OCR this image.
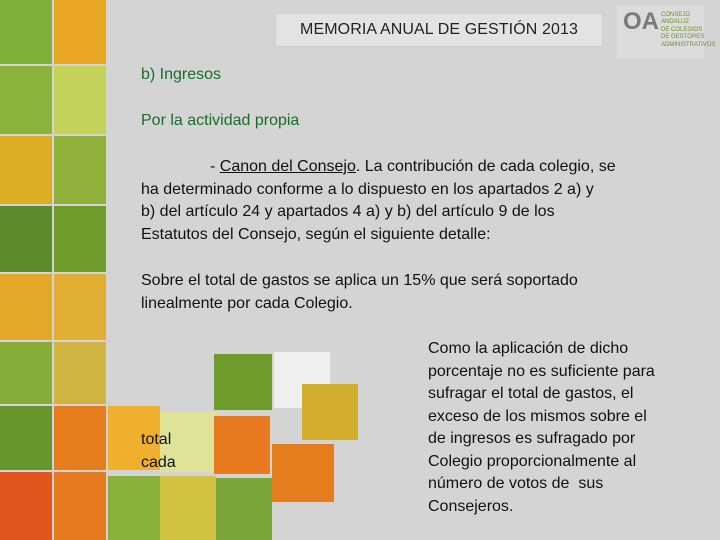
MEMORIA ANUAL DE GESTIÓN 2013	OA CONSEJO
ANDALUZ
DE COLEGIOS
DE GESTORES
ADMINISTRATIVOS
b) Ingresos
Por la actividad propia
- Canon del Consejo. La contribución de cada colegio, se
ha determinado conforme a lo dispuesto en los apartados 2 a) y
b) del artículo 24 y apartados 4 a) y b) del artículo 9 de los
Estatutos del Consejo, según el siguiente detalle:
Sobre el total de gastos se aplica un 15% que será soportado
linealmente por cada Colegio.
total
cada
Como la aplicación de dicho
porcentaje no es suficiente para
sufragar el total de gastos, el
exceso de los mismos sobre el
de ingresos es sufragado por
Colegio proporcionalmente al
número de votos de  sus
Consejeros.
